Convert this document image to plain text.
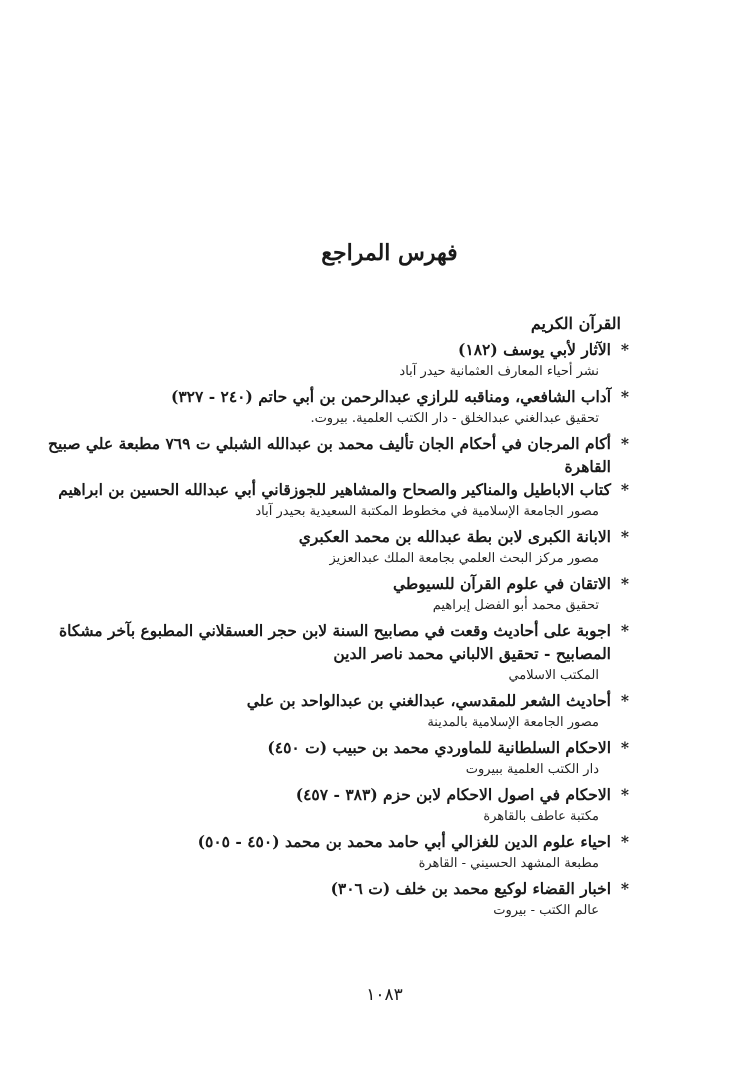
فهرس المراجع
القرآن الكريم
*
الآثار لأبي يوسف (١٨٢)
نشر أحياء المعارف العثمانية حيدر آباد
*
آداب الشافعي، ومناقبه للرازي عبدالرحمن بن أبي حاتم (٢٤٠ - ٣٢٧)
تحقيق عبدالغني عبدالخلق - دار الكتب العلمية. بيروت.
*
أكام المرجان في أحكام الجان تأليف محمد بن عبدالله الشبلي ت ٧٦٩ مطبعة علي صبيح القاهرة
*
كتاب الاباطيل والمناكير والصحاح والمشاهير للجوزقاني أبي عبدالله الحسين بن ابراهيم
مصور الجامعة الإسلامية في مخطوط المكتبة السعيدية بحيدر آباد
*
الابانة الكبرى لابن بطة عبدالله بن محمد العكبري
مصور مركز البحث العلمي بجامعة الملك عبدالعزيز
*
الاتقان في علوم القرآن للسيوطي
تحقيق محمد أبو الفضل إبراهيم
*
اجوبة على أحاديث وقعت في مصابيح السنة لابن حجر العسقلاني المطبوع بآخر مشكاة المصابيح - تحقيق الالباني محمد ناصر الدين
المكتب الاسلامي
*
أحاديث الشعر للمقدسي، عبدالغني بن عبدالواحد بن علي
مصور الجامعة الإسلامية بالمدينة
*
الاحكام السلطانية للماوردي محمد بن حبيب (ت ٤٥٠)
دار الكتب العلمية ببيروت
*
الاحكام في اصول الاحكام لابن حزم (٣٨٣ - ٤٥٧)
مكتبة عاطف بالقاهرة
*
احياء علوم الدين للغزالي أبي حامد محمد بن محمد (٤٥٠ - ٥٠٥)
مطبعة المشهد الحسيني - القاهرة
*
اخبار القضاء لوكيع محمد بن خلف (ت ٣٠٦)
عالم الكتب - بيروت
١٠٨٣
